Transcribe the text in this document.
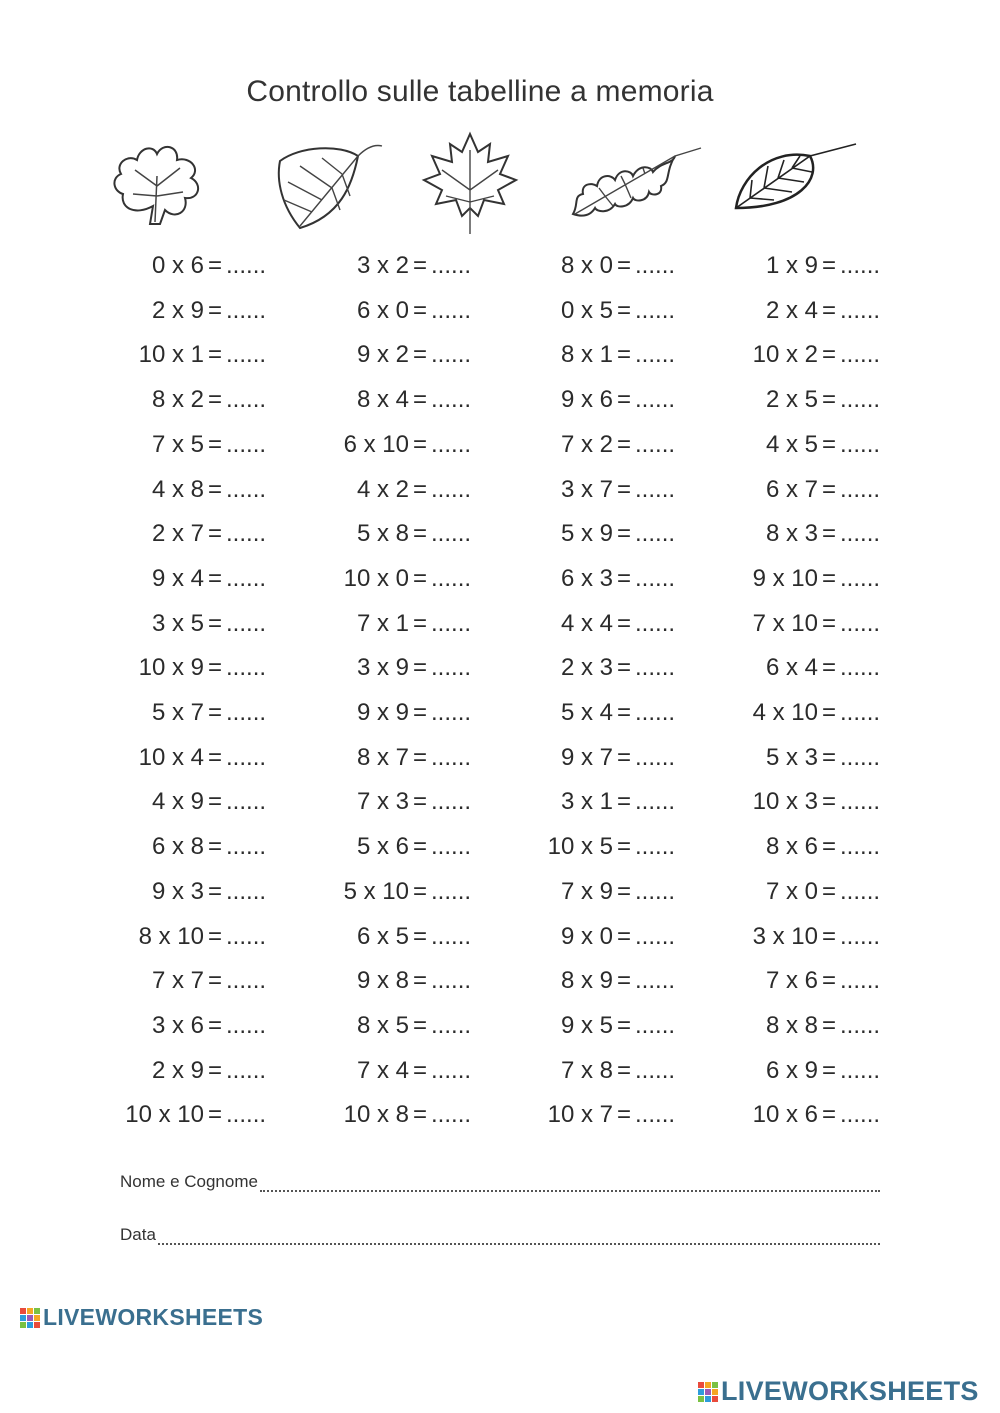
Controllo sulle tabelline a memoria
0 x 6 = ......	3 x 2 = ......	8 x 0 = ......	1 x 9 = ......
2 x 9 = ......	6 x 0 = ......	0 x 5 = ......	2 x 4 = ......
10 x 1 = ......	9 x 2 = ......	8 x 1 = ......	10 x 2 = ......
8 x 2 = ......	8 x 4 = ......	9 x 6 = ......	2 x 5 = ......
7 x 5 = ......	6 x 10 = ......	7 x 2 = ......	4 x 5 = ......
4 x 8 = ......	4 x 2 = ......	3 x 7 = ......	6 x 7 = ......
2 x 7 = ......	5 x 8 = ......	5 x 9 = ......	8 x 3 = ......
9 x 4 = ......	10 x 0 = ......	6 x 3 = ......	9 x 10 = ......
3 x 5 = ......	7 x 1 = ......	4 x 4 = ......	7 x 10 = ......
10 x 9 = ......	3 x 9 = ......	2 x 3 = ......	6 x 4 = ......
5 x 7 = ......	9 x 9 = ......	5 x 4 = ......	4 x 10 = ......
10 x 4 = ......	8 x 7 = ......	9 x 7 = ......	5 x 3 = ......
4 x 9 = ......	7 x 3 = ......	3 x 1 = ......	10 x 3 = ......
6 x 8 = ......	5 x 6 = ......	10 x 5 = ......	8 x 6 = ......
9 x 3 = ......	5 x 10 = ......	7 x 9 = ......	7 x 0 = ......
8 x 10 = ......	6 x 5 = ......	9 x 0 = ......	3 x 10 = ......
7 x 7 = ......	9 x 8 = ......	8 x 9 = ......	7 x 6 = ......
3 x 6 = ......	8 x 5 = ......	9 x 5 = ......	8 x 8 = ......
2 x 9 = ......	7 x 4 = ......	7 x 8 = ......	6 x 9 = ......
10 x 10 = ......	10 x 8 = ......	10 x 7 = ......	10 x 6 = ......
Nome e Cognome
Data
LIVEWORKSHEETS
LIVEWORKSHEETS
